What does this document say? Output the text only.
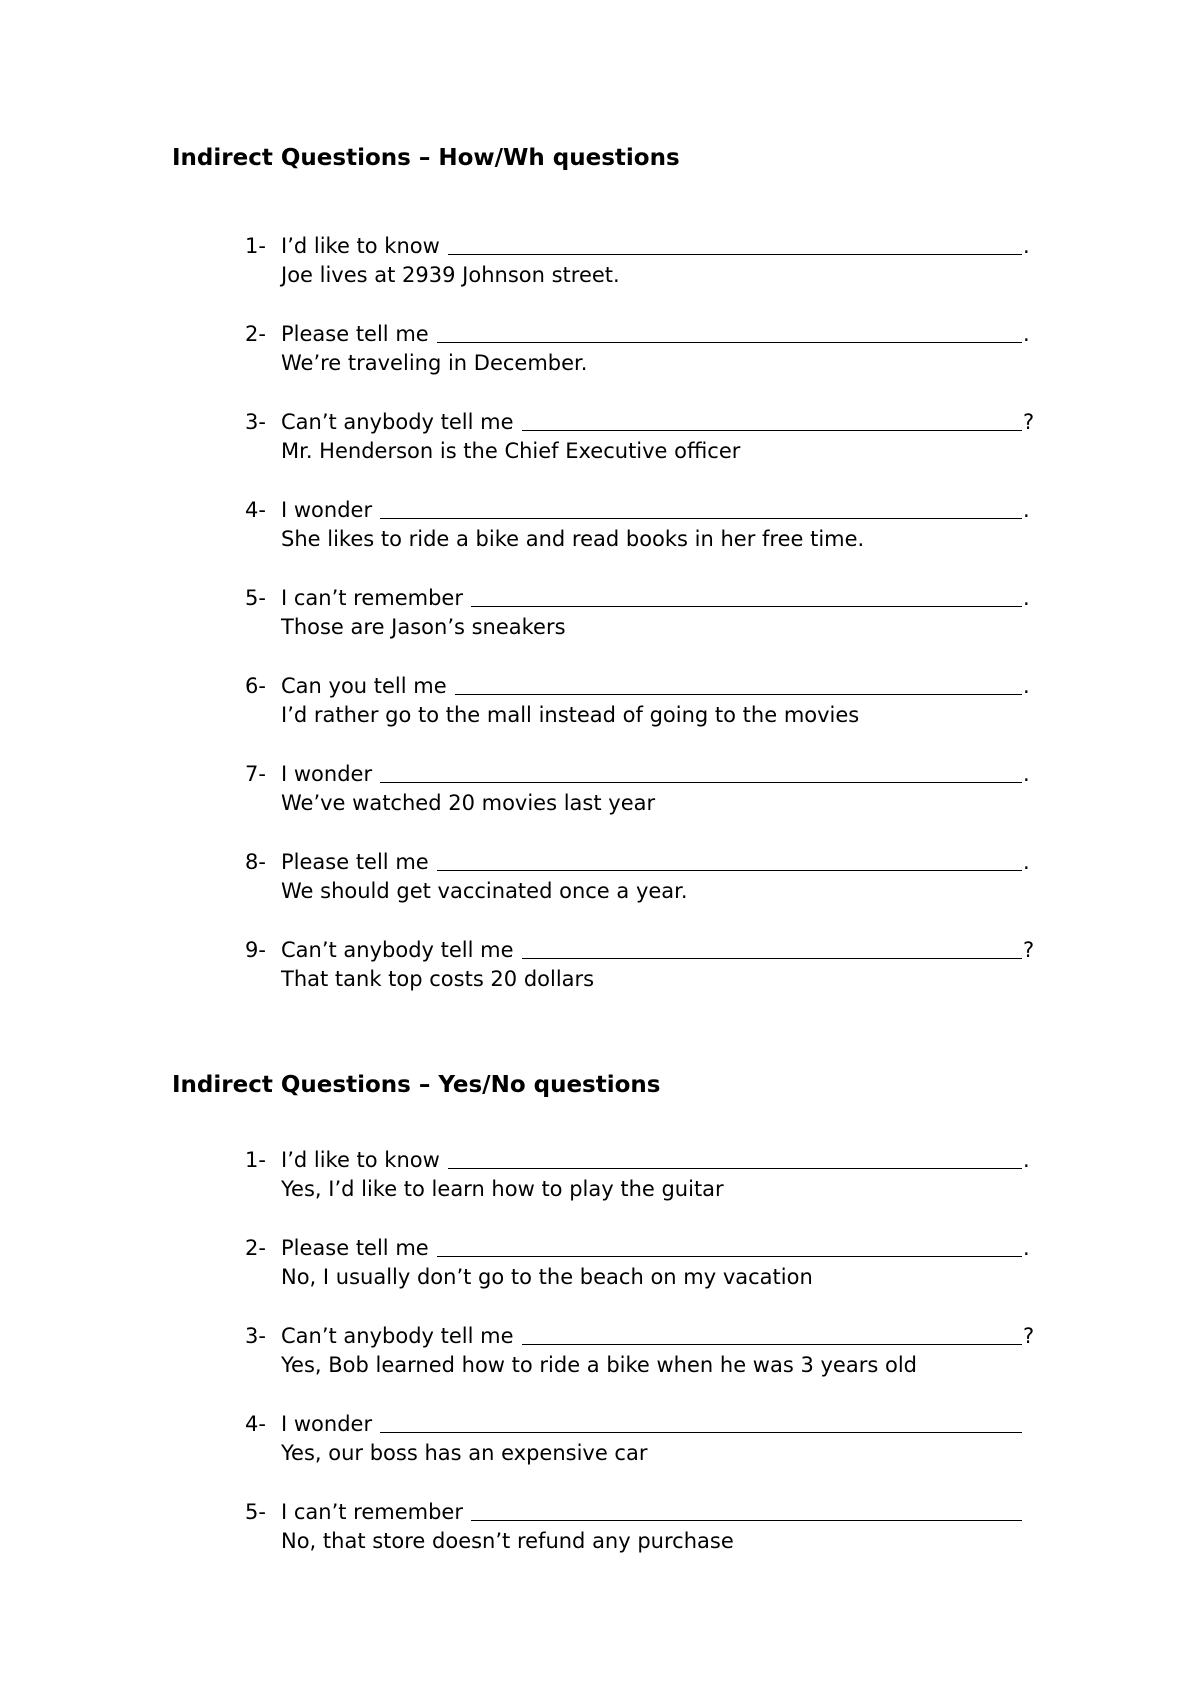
Indirect Questions – How/Wh questions
1- I’d like to know	.
Joe lives at 2939 Johnson street.
2- Please tell me	.
We’re traveling in December.
3- Can’t anybody tell me	?
Mr. Henderson is the Chief Executive officer
4- I wonder	.
She likes to ride a bike and read books in her free time.
5- I can’t remember	.
Those are Jason’s sneakers
6- Can you tell me	.
I’d rather go to the mall instead of going to the movies
7- I wonder	.
We’ve watched 20 movies last year
8- Please tell me	.
We should get vaccinated once a year.
9- Can’t anybody tell me	?
That tank top costs 20 dollars
Indirect Questions – Yes/No questions
1- I’d like to know	.
Yes, I’d like to learn how to play the guitar
2- Please tell me	.
No, I usually don’t go to the beach on my vacation
3- Can’t anybody tell me	?
Yes, Bob learned how to ride a bike when he was 3 years old
4- I wonder
Yes, our boss has an expensive car
5- I can’t remember
No, that store doesn’t refund any purchase
